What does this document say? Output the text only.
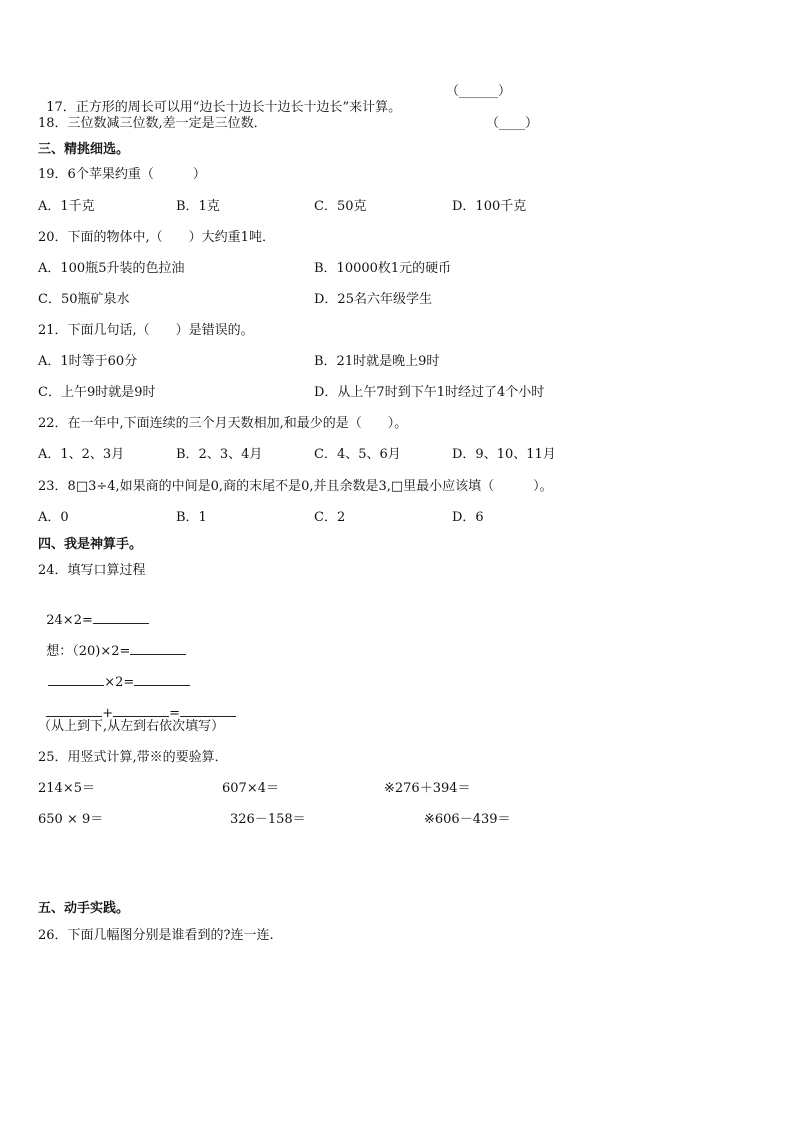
17．正方形的周长可以用“边长十边长十边长十边长”来计算。

（______）
18．三位数减三位数,差一定是三位数．	（____）
三、精挑细选。
19．6个苹果约重（　　　）
A．1千克	B．1克	C．50克	D．100千克
20．下面的物体中,（　　）大约重1吨．
A．100瓶5升装的色拉油	B．10000枚1元的硬币
C．50瓶矿泉水	D．25名六年级学生
21．下面几句话,（　　）是错误的。
A．1时等于60分	B．21时就是晚上9时
C．上午9时就是9时	D．从上午7时到下午1时经过了4个小时
22．在一年中,下面连续的三个月天数相加,和最少的是（　　）。
A．1、2、3月	B．2、3、4月	C．4、5、6月	D．9、10、11月
23．8□3÷4,如果商的中间是0,商的末尾不是0,并且余数是3,□里最小应该填（　　　）。
A．0	B．1	C．2	D．6
四、我是神算手。
24．填写口算过程

24×2=

想：（20)×2=

×2=

+	=

（从上到下,从左到右依次填写）
25．用竖式计算,带※的要验算．
214×5＝	607×4＝	※276＋394＝
650 × 9＝	326－158＝	※606－439＝
五、动手实践。
26．下面几幅图分别是谁看到的?连一连.
